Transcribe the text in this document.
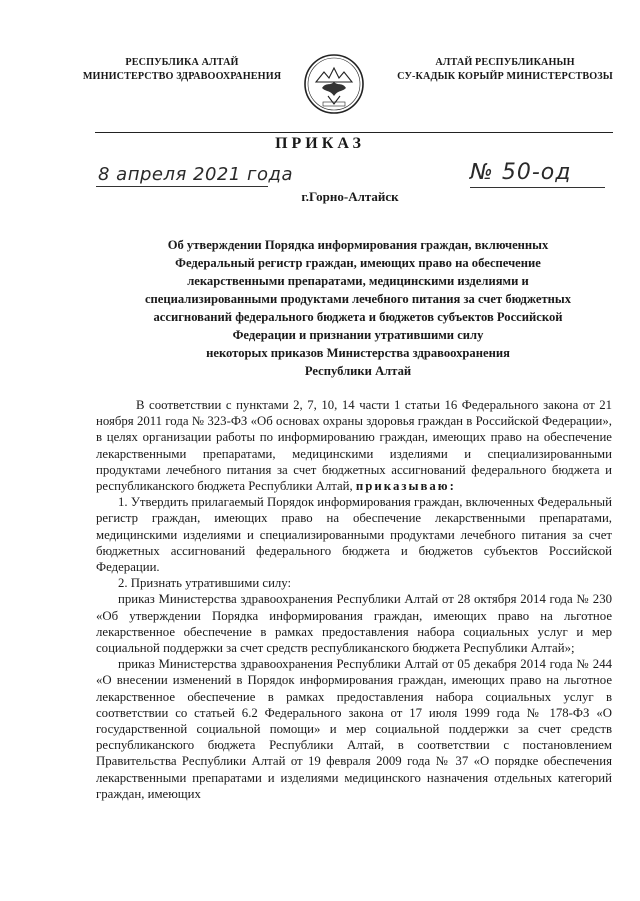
РЕСПУБЛИКА АЛТАЙ
МИНИСТЕРСТВО ЗДРАВООХРАНЕНИЯ
АЛТАЙ РЕСПУБЛИКАНЫН
СУ-КАДЫК КОРЫЙР МИНИСТЕРСТВОЗЫ
ПРИКАЗ
8 апреля 2021 года	№ 50-од
г.Горно-Алтайск
Об утверждении Порядка информирования граждан, включенных
Федеральный регистр граждан, имеющих право на обеспечение
лекарственными препаратами, медицинскими изделиями и
специализированными продуктами лечебного питания за счет бюджетных
ассигнований федерального бюджета и бюджетов субъектов Российской
Федерации и признании утратившими силу
некоторых приказов Министерства здравоохранения
Республики Алтай

В соответствии с пунктами 2, 7, 10, 14 части 1 статьи 16 Федерального закона от 21 ноября 2011 года № 323-ФЗ «Об основах охраны здоровья граждан в Российской Федерации», в целях организации работы по информированию граждан, имеющих право на обеспечение лекарственными препаратами, медицинскими изделиями и специализированными продуктами лечебного питания за счет бюджетных ассигнований федерального бюджета и республиканского бюджета Республики Алтай, приказываю:

1. Утвердить прилагаемый Порядок информирования граждан, включенных Федеральный регистр граждан, имеющих право на обеспечение лекарственными препаратами, медицинскими изделиями и специализированными продуктами лечебного питания за счет бюджетных ассигнований федерального бюджета и бюджетов субъектов Российской Федерации.

2. Признать утратившими силу:

приказ Министерства здравоохранения Республики Алтай от 28 октября 2014 года № 230 «Об утверждении Порядка информирования граждан, имеющих право на льготное лекарственное обеспечение в рамках предоставления набора социальных услуг и мер социальной поддержки за счет средств республиканского бюджета Республики Алтай»;

приказ Министерства здравоохранения Республики Алтай от 05 декабря 2014 года № 244 «О внесении изменений в Порядок информирования граждан, имеющих право на льготное лекарственное обеспечение в рамках предоставления набора социальных услуг в соответствии со статьей 6.2 Федерального закона от 17 июля 1999 года № 178-ФЗ «О государственной социальной помощи» и мер социальной поддержки за счет средств республиканского бюджета Республики Алтай, в соответствии с постановлением Правительства Республики Алтай от 19 февраля 2009 года № 37 «О порядке обеспечения лекарственными препаратами и изделиями медицинского назначения отдельных категорий граждан, имеющих
